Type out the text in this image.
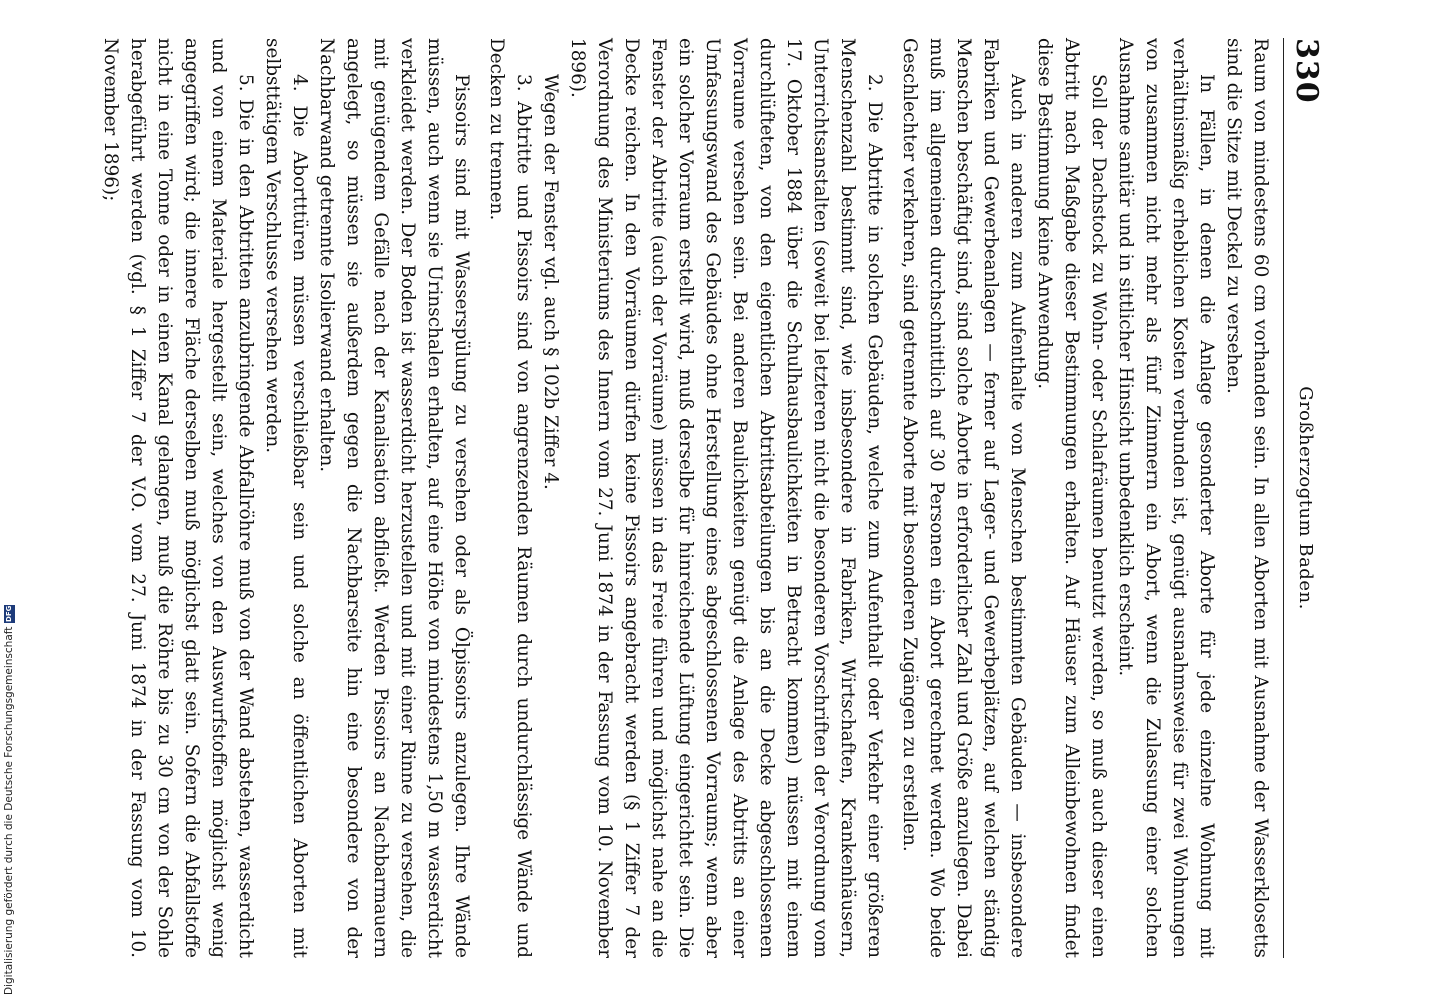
330
Großherzogtum Baden.

Raum von mindestens 60 cm vorhanden sein. In allen Aborten mit Ausnahme der Wasserklosetts sind die Sitze mit Deckel zu versehen.

In Fällen, in denen die Anlage gesonderter Aborte für jede einzelne Wohnung mit verhältnismäßig erheblichen Kosten verbunden ist, genügt ausnahmsweise für zwei Wohnungen von zusammen nicht mehr als fünf Zimmern ein Abort, wenn die Zulassung einer solchen Ausnahme sanitär und in sittlicher Hinsicht unbedenklich erscheint.

Soll der Dachstock zu Wohn- oder Schlafräumen benutzt werden, so muß auch dieser einen Abtritt nach Maßgabe dieser Bestimmungen erhalten. Auf Häuser zum Alleinbewohnen findet diese Bestimmung keine Anwendung.

Auch in anderen zum Aufenthalte von Menschen bestimmten Gebäuden — insbesondere Fabriken und Gewerbeanlagen — ferner auf Lager- und Gewerbeplätzen, auf welchen ständig Menschen beschäftigt sind, sind solche Aborte in erforderlicher Zahl und Größe anzulegen. Dabei muß im allgemeinen durchschnittlich auf 30 Personen ein Abort gerechnet werden. Wo beide Geschlechter verkehren, sind getrennte Aborte mit besonderen Zugängen zu erstellen.

2. Die Abtritte in solchen Gebäuden, welche zum Aufenthalt oder Verkehr einer größeren Menschenzahl bestimmt sind, wie insbesondere in Fabriken, Wirtschaften, Krankenhäusern, Unterrichtsanstalten (soweit bei letzteren nicht die besonderen Vorschriften der Verordnung vom 17. Oktober 1884 über die Schulhausbaulichkeiten in Betracht kommen) müssen mit einem durchlüfteten, von den eigentlichen Abtrittsabteilungen bis an die Decke abgeschlossenen Vorraume versehen sein. Bei anderen Baulichkeiten genügt die Anlage des Abtritts an einer Umfassungswand des Gebäudes ohne Herstellung eines abgeschlossenen Vorraums; wenn aber ein solcher Vorraum erstellt wird, muß derselbe für hinreichende Lüftung eingerichtet sein. Die Fenster der Abtritte (auch der Vorräume) müssen in das Freie führen und möglichst nahe an die Decke reichen. In den Vorräumen dürfen keine Pissoirs angebracht werden (§ 1 Ziffer 7 der Verordnung des Ministeriums des Innern vom 27. Juni 1874 in der Fassung vom 10. November 1896).

Wegen der Fenster vgl. auch § 102b Ziffer 4.

3. Abtritte und Pissoirs sind von angrenzenden Räumen durch undurchlässige Wände und Decken zu trennen.

Pissoirs sind mit Wasserspülung zu versehen oder als Ölpissoirs anzulegen. Ihre Wände müssen, auch wenn sie Urinschalen erhalten, auf eine Höhe von mindestens 1,50 m wasserdicht verkleidet werden. Der Boden ist wasserdicht herzustellen und mit einer Rinne zu versehen, die mit genügendem Gefälle nach der Kanalisation abfließt. Werden Pissoirs an Nachbarmauern angelegt, so müssen sie außerdem gegen die Nachbarseite hin eine besondere von der Nachbarwand getrennte Isolierwand erhalten.

4. Die Abortttüren müssen verschließbar sein und solche an öffentlichen Aborten mit selbsttätigem Verschlusse versehen werden.

5. Die in den Abtritten anzubringende Abfallröhre muß von der Wand abstehen, wasserdicht und von einem Materiale hergestellt sein, welches von den Auswurfstoffen möglichst wenig angegriffen wird; die innere Fläche derselben muß möglichst glatt sein. Sofern die Abfallstoffe nicht in eine Tonne oder in einen Kanal gelangen, muß die Röhre bis zu 30 cm von der Sohle herabgeführt werden (vgl. § 1 Ziffer 7 der V.O. vom 27. Juni 1874 in der Fassung vom 10. November 1896);

Digitalisierung gefördert durch die Deutsche Forschungsgemeinschaft
DFG
